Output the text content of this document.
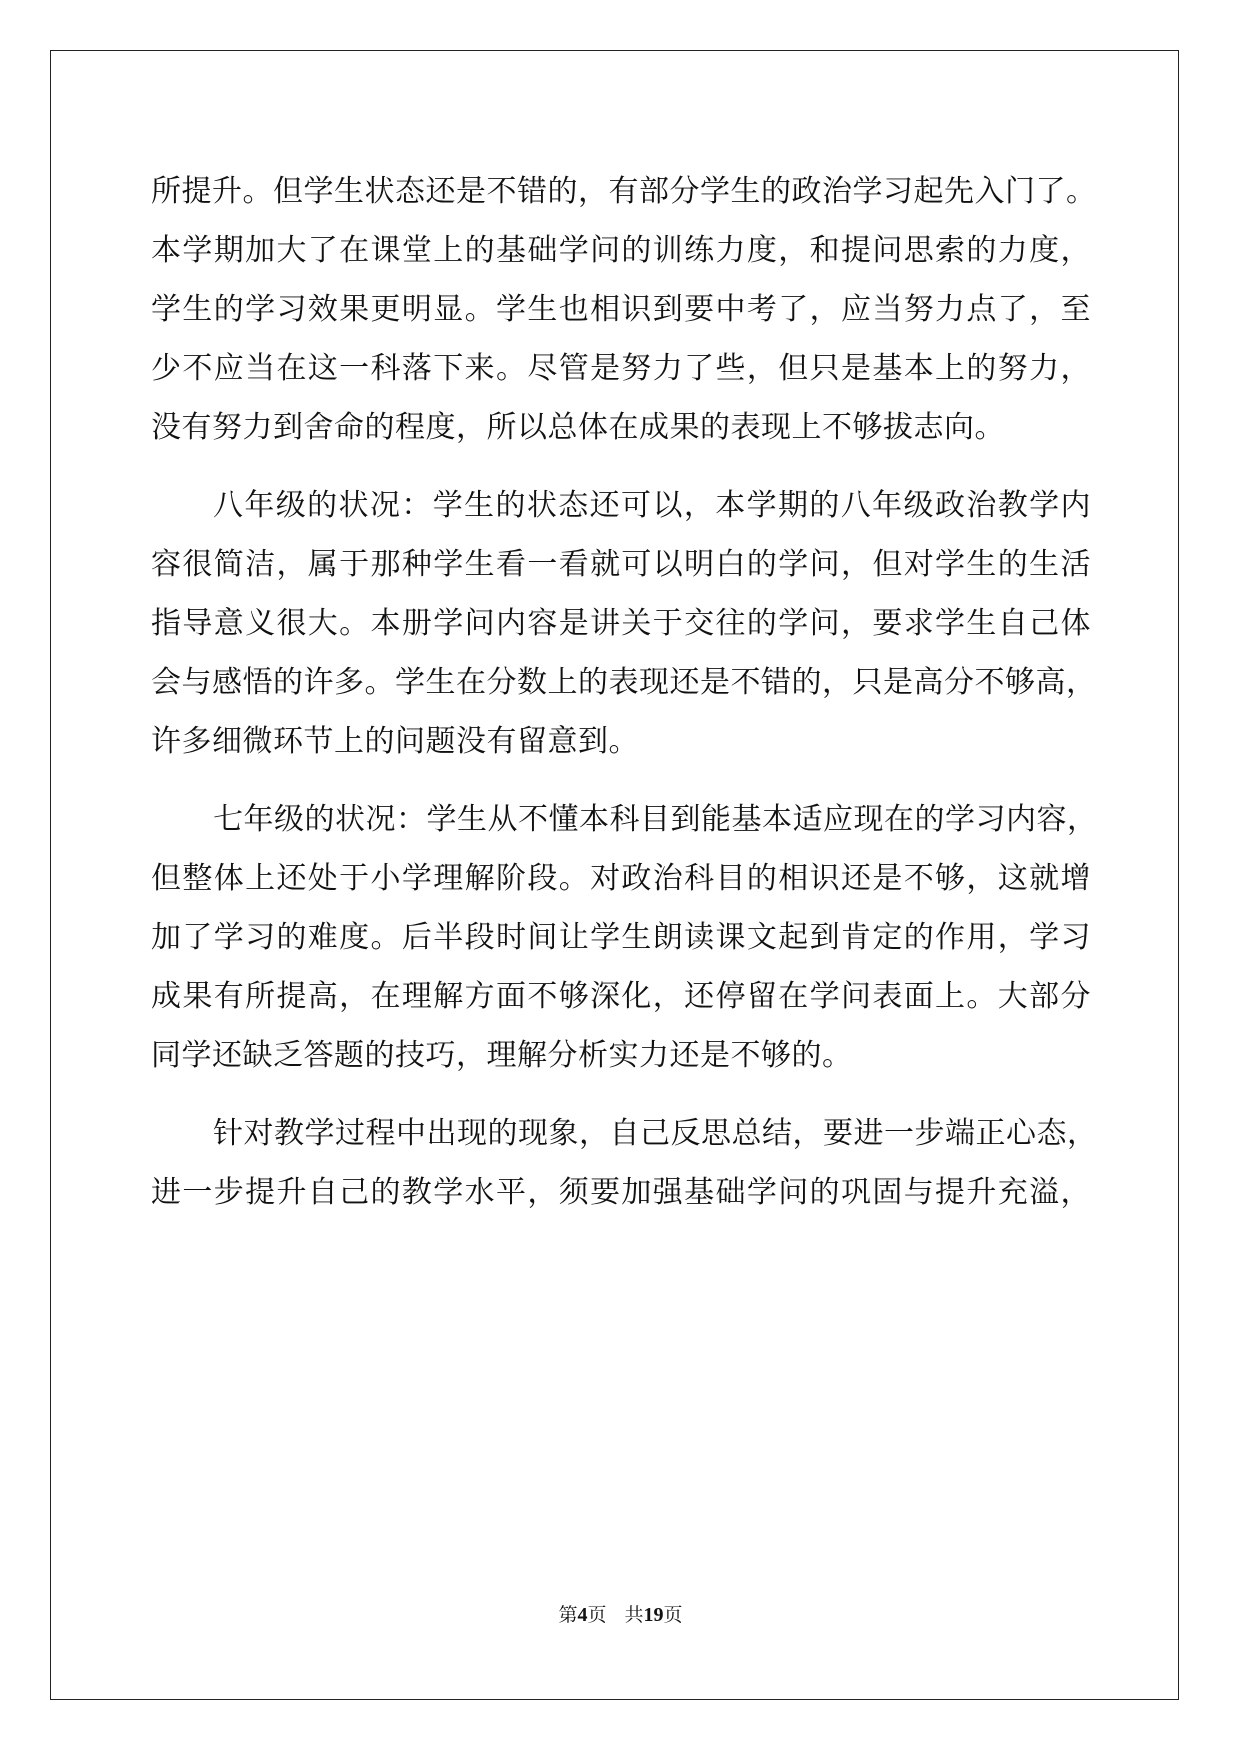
所提升。但学生状态还是不错的，有部分学生的政治学习起先入门了。
本学期加大了在课堂上的基础学问的训练力度，和提问思索的力度，
学生的学习效果更明显。学生也相识到要中考了，应当努力点了，至
少不应当在这一科落下来。尽管是努力了些，但只是基本上的努力，
没有努力到舍命的程度，所以总体在成果的表现上不够拔志向。
八年级的状况：学生的状态还可以，本学期的八年级政治教学内
容很简洁，属于那种学生看一看就可以明白的学问，但对学生的生活
指导意义很大。本册学问内容是讲关于交往的学问，要求学生自己体
会与感悟的许多。学生在分数上的表现还是不错的，只是高分不够高，
许多细微环节上的问题没有留意到。
七年级的状况：学生从不懂本科目到能基本适应现在的学习内容，
但整体上还处于小学理解阶段。对政治科目的相识还是不够，这就增
加了学习的难度。后半段时间让学生朗读课文起到肯定的作用，学习
成果有所提高，在理解方面不够深化，还停留在学问表面上。大部分
同学还缺乏答题的技巧，理解分析实力还是不够的。
针对教学过程中出现的现象，自己反思总结，要进一步端正心态，
进一步提升自己的教学水平，须要加强基础学问的巩固与提升充溢，
第4页 共19页
